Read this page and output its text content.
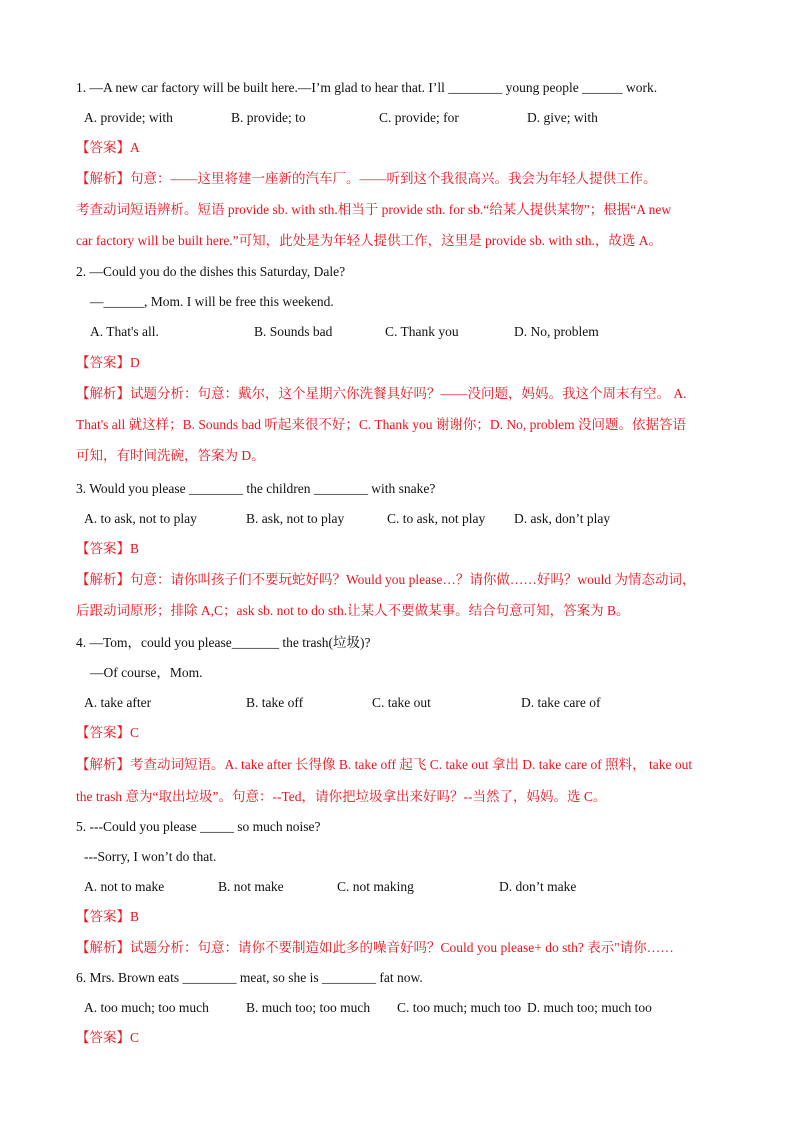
1. —A new car factory will be built here.—I’m glad to hear that. I’ll ________ young people ______ work.
A. provide; with	B. provide; to	C. provide; for	D. give; with
【答案】A
【解析】句意：——这里将建一座新的汽车厂。——听到这个我很高兴。我会为年轻人提供工作。
考查动词短语辨析。短语 provide sb. with sth.相当于 provide sth. for sb.“给某人提供某物”；根据“A new
car factory will be built here.”可知，此处是为年轻人提供工作，这里是 provide sb. with sth.，故选 A。
2. —Could you do the dishes this Saturday, Dale?
—______, Mom. I will be free this weekend.
A. That's all.	B. Sounds bad	C. Thank you	D. No, problem
【答案】D
【解析】试题分析：句意：戴尔，这个星期六你洗餐具好吗？——没问题，妈妈。我这个周末有空。 A.
That's all 就这样；B. Sounds bad 听起来很不好；C. Thank you 谢谢你；D. No, problem 没问题。依据答语
可知，有时间洗碗，答案为 D。
3. Would you please ________ the children ________ with snake?
A. to ask, not to play	B. ask, not to play	C. to ask, not play D. ask, don’t play
【答案】B
【解析】句意：请你叫孩子们不要玩蛇好吗？Would you please…？请你做……好吗？would 为情态动词，
后跟动词原形；排除 A,C；ask sb. not to do sth.让某人不要做某事。结合句意可知，答案为 B。
4. —Tom，could you please_______ the trash(垃圾)?
—Of course，Mom.
A. take after	B. take off	C. take out	D. take care of
【答案】C
【解析】考查动词短语。A. take after 长得像 B. take off 起飞 C. take out 拿出 D. take care of 照料， take out
the trash 意为“取出垃圾”。句意：--Ted，请你把垃圾拿出来好吗？--当然了，妈妈。选 C。
5. ---Could you please _____ so much noise?
---Sorry, I won’t do that.
A. not to make	B. not make	C. not making	D. don’t make
【答案】B
【解析】试题分析：句意：请你不要制造如此多的噪音好吗？Could you please+ do sth? 表示"请你……
6. Mrs. Brown eats ________ meat, so she is ________ fat now.
A. too much; too much	B. much too; too much C. too much; much too D. much too; much too
【答案】C
